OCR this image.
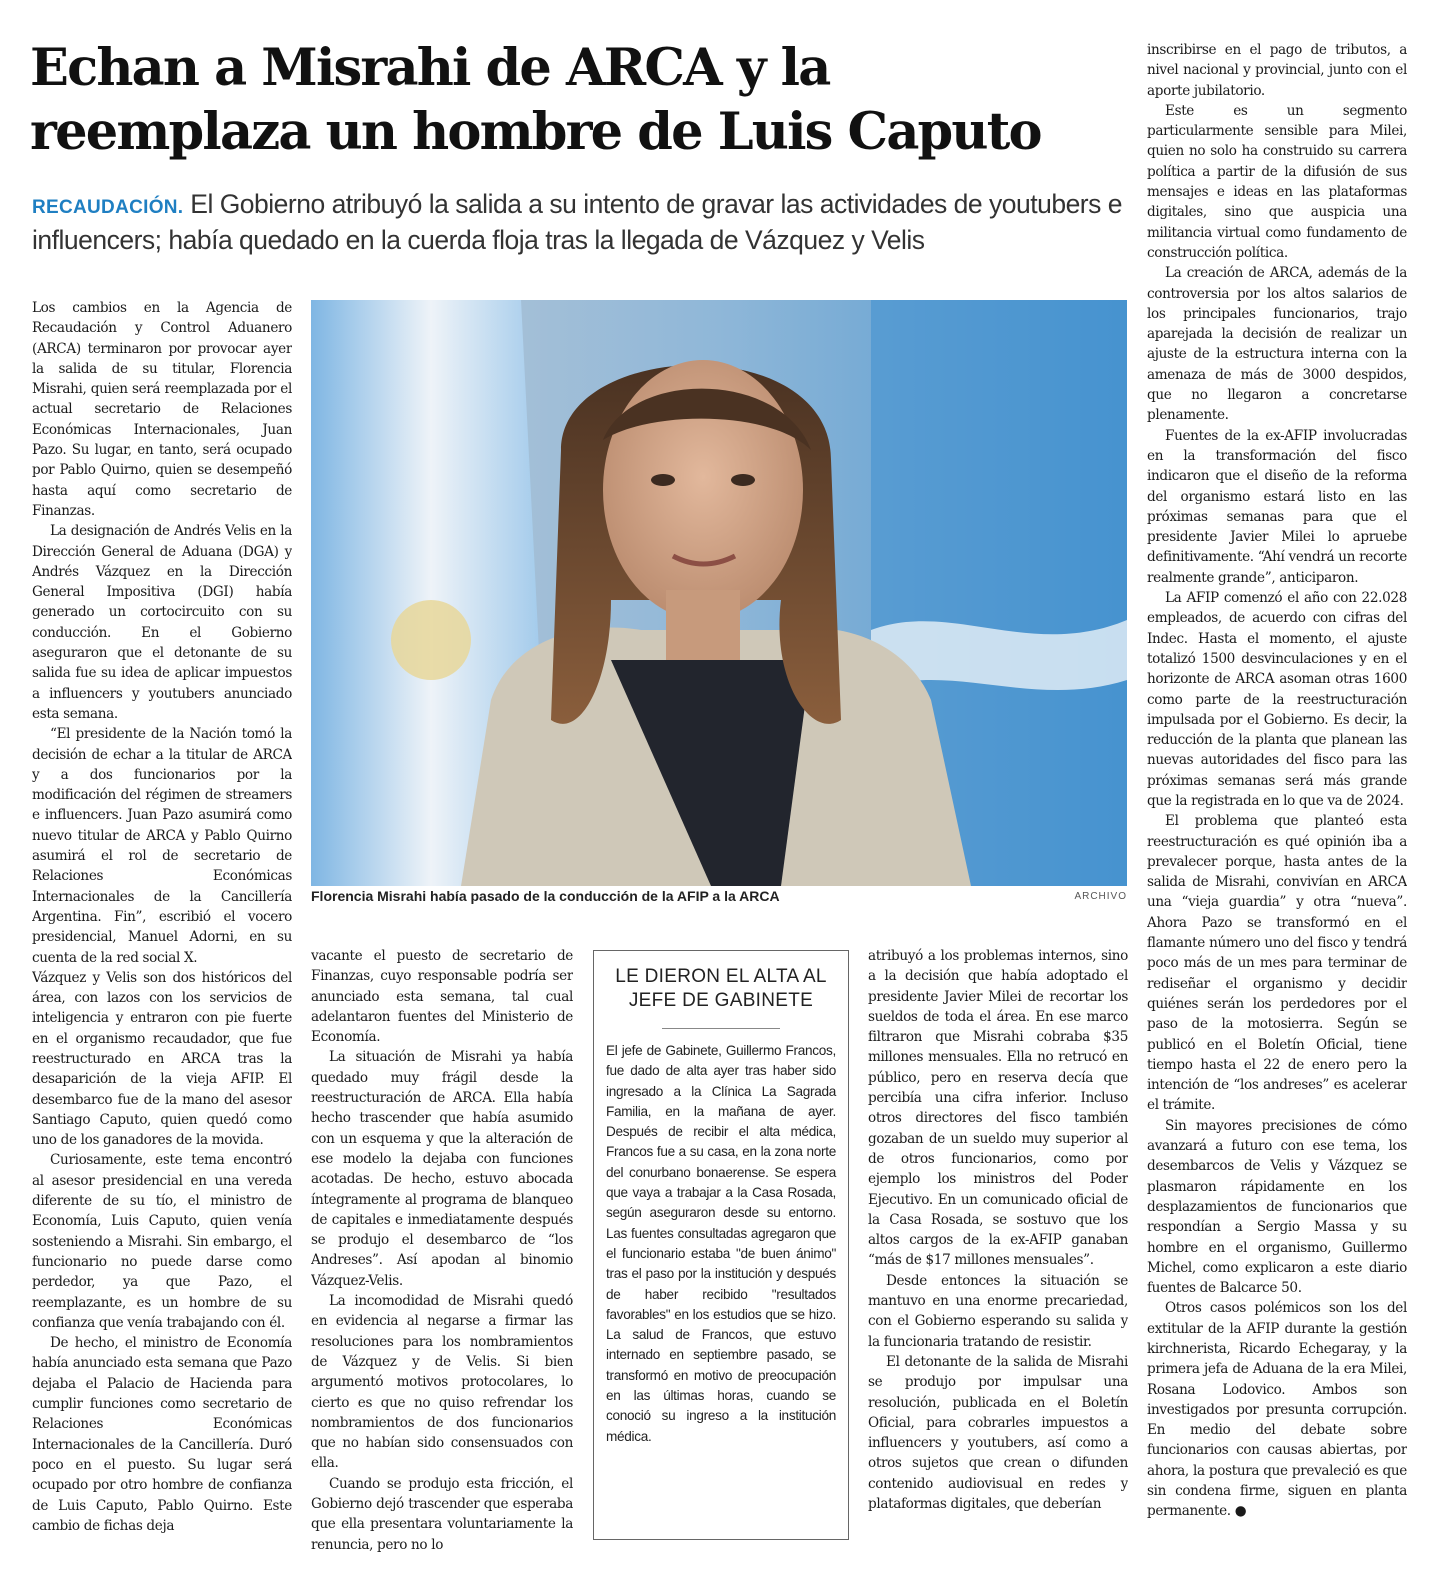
Echan a Misrahi de ARCA y la
reemplaza un hombre de Luis Caputo
RECAUDACIÓN. El Gobierno atribuyó la salida a su intento de gravar las actividades de youtubers e influencers; había quedado en la cuerda floja tras la llegada de Vázquez y Velis

Los cambios en la Agencia de Recaudación y Control Aduanero (ARCA) terminaron por provocar ayer la salida de su titular, Florencia Misrahi, quien será reemplazada por el actual secretario de Relaciones Económicas Internacionales, Juan Pazo. Su lugar, en tanto, será ocupado por Pablo Quirno, quien se desempeñó hasta aquí como secretario de Finanzas.

La designación de Andrés Velis en la Dirección General de Aduana (DGA) y Andrés Vázquez en la Dirección General Impositiva (DGI) había generado un cortocircuito con su conducción. En el Gobierno aseguraron que el detonante de su salida fue su idea de aplicar impuestos a influencers y youtubers anunciado esta semana.

“El presidente de la Nación tomó la decisión de echar a la titular de ARCA y a dos funcionarios por la modificación del régimen de streamers e influencers. Juan Pazo asumirá como nuevo titular de ARCA y Pablo Quirno asumirá el rol de secretario de Relaciones Económicas Internacionales de la Cancillería Argentina. Fin”, escribió el vocero presidencial, Manuel Adorni, en su cuenta de la red social X.

Vázquez y Velis son dos históricos del área, con lazos con los servicios de inteligencia y entraron con pie fuerte en el organismo recaudador, que fue reestructurado en ARCA tras la desaparición de la vieja AFIP. El desembarco fue de la mano del asesor Santiago Caputo, quien quedó como uno de los ganadores de la movida.

Curiosamente, este tema encontró al asesor presidencial en una vereda diferente de su tío, el ministro de Economía, Luis Caputo, quien venía sosteniendo a Misrahi. Sin embargo, el funcionario no puede darse como perdedor, ya que Pazo, el reemplazante, es un hombre de su confianza que venía trabajando con él.

De hecho, el ministro de Economía había anunciado esta semana que Pazo dejaba el Palacio de Hacienda para cumplir funciones como secretario de Relaciones Económicas Internacionales de la Cancillería. Duró poco en el puesto. Su lugar será ocupado por otro hombre de confianza de Luis Caputo, Pablo Quirno. Este cambio de fichas deja

Florencia Misrahi había pasado de la conducción de la AFIP a la ARCA	ARCHIVO

vacante el puesto de secretario de Finanzas, cuyo responsable podría ser anunciado esta semana, tal cual adelantaron fuentes del Ministerio de Economía.

La situación de Misrahi ya había quedado muy frágil desde la reestructuración de ARCA. Ella había hecho trascender que había asumido con un esquema y que la alteración de ese modelo la dejaba con funciones acotadas. De hecho, estuvo abocada íntegramente al programa de blanqueo de capitales e inmediatamente después se produjo el desembarco de “los Andreses”. Así apodan al binomio Vázquez-Velis.

La incomodidad de Misrahi quedó en evidencia al negarse a firmar las resoluciones para los nombramientos de Vázquez y de Velis. Si bien argumentó motivos protocolares, lo cierto es que no quiso refrendar los nombramientos de dos funcionarios que no habían sido consensuados con ella.

Cuando se produjo esta fricción, el Gobierno dejó trascender que esperaba que ella presentara voluntariamente la renuncia, pero no lo

LE DIERON EL ALTA AL JEFE DE GABINETE
El jefe de Gabinete, Guillermo Francos, fue dado de alta ayer tras haber sido ingresado a la Clínica La Sagrada Familia, en la mañana de ayer. Después de recibir el alta médica, Francos fue a su casa, en la zona norte del conurbano bonaerense. Se espera que vaya a trabajar a la Casa Rosada, según aseguraron desde su entorno. Las fuentes consultadas agregaron que el funcionario estaba "de buen ánimo" tras el paso por la institución y después de haber recibido "resultados favorables" en los estudios que se hizo. La salud de Francos, que estuvo internado en septiembre pasado, se transformó en motivo de preocupación en las últimas horas, cuando se conoció su ingreso a la institución médica.

atribuyó a los problemas internos, sino a la decisión que había adoptado el presidente Javier Milei de recortar los sueldos de toda el área. En ese marco filtraron que Misrahi cobraba $35 millones mensuales. Ella no retrucó en público, pero en reserva decía que percibía una cifra inferior. Incluso otros directores del fisco también gozaban de un sueldo muy superior al de otros funcionarios, como por ejemplo los ministros del Poder Ejecutivo. En un comunicado oficial de la Casa Rosada, se sostuvo que los altos cargos de la ex-AFIP ganaban “más de $17 millones mensuales”.

Desde entonces la situación se mantuvo en una enorme precariedad, con el Gobierno esperando su salida y la funcionaria tratando de resistir.

El detonante de la salida de Misrahi se produjo por impulsar una resolución, publicada en el Boletín Oficial, para cobrarles impuestos a influencers y youtubers, así como a otros sujetos que crean o difunden contenido audiovisual en redes y plataformas digitales, que deberían

inscribirse en el pago de tributos, a nivel nacional y provincial, junto con el aporte jubilatorio.

Este es un segmento particularmente sensible para Milei, quien no solo ha construido su carrera política a partir de la difusión de sus mensajes e ideas en las plataformas digitales, sino que auspicia una militancia virtual como fundamento de construcción política.

La creación de ARCA, además de la controversia por los altos salarios de los principales funcionarios, trajo aparejada la decisión de realizar un ajuste de la estructura interna con la amenaza de más de 3000 despidos, que no llegaron a concretarse plenamente.

Fuentes de la ex-AFIP involucradas en la transformación del fisco indicaron que el diseño de la reforma del organismo estará listo en las próximas semanas para que el presidente Javier Milei lo apruebe definitivamente. “Ahí vendrá un recorte realmente grande”, anticiparon.

La AFIP comenzó el año con 22.028 empleados, de acuerdo con cifras del Indec. Hasta el momento, el ajuste totalizó 1500 desvinculaciones y en el horizonte de ARCA asoman otras 1600 como parte de la reestructuración impulsada por el Gobierno. Es decir, la reducción de la planta que planean las nuevas autoridades del fisco para las próximas semanas será más grande que la registrada en lo que va de 2024.

El problema que planteó esta reestructuración es qué opinión iba a prevalecer porque, hasta antes de la salida de Misrahi, convivían en ARCA una “vieja guardia” y otra “nueva”. Ahora Pazo se transformó en el flamante número uno del fisco y tendrá poco más de un mes para terminar de rediseñar el organismo y decidir quiénes serán los perdedores por el paso de la motosierra. Según se publicó en el Boletín Oficial, tiene tiempo hasta el 22 de enero pero la intención de “los andreses” es acelerar el trámite.

Sin mayores precisiones de cómo avanzará a futuro con ese tema, los desembarcos de Velis y Vázquez se plasmaron rápidamente en los desplazamientos de funcionarios que respondían a Sergio Massa y su hombre en el organismo, Guillermo Michel, como explicaron a este diario fuentes de Balcarce 50.

Otros casos polémicos son los del extitular de la AFIP durante la gestión kirchnerista, Ricardo Echegaray, y la primera jefa de Aduana de la era Milei, Rosana Lodovico. Ambos son investigados por presunta corrupción. En medio del debate sobre funcionarios con causas abiertas, por ahora, la postura que prevaleció es que sin condena firme, siguen en planta permanente. ●
